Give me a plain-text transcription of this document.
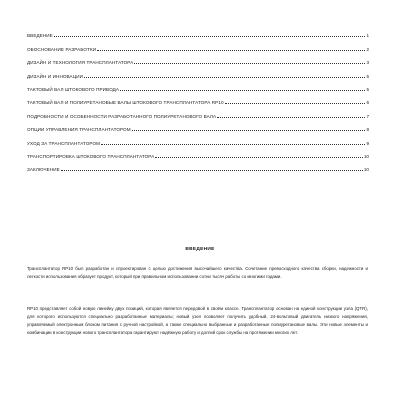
ВВЕДЕНИЕ	1
ОБОСНОВАНИЕ РАЗРАБОТКИ	2
ДИЗАЙН И ТЕХНОЛОГИЯ ТРАНСПЛАНТАТОРА	3
ДИЗАЙН И ИННОВАЦИИ	5
ТАКТОВЫЙ ВАЛ ШТОКОВОГО ПРИВОДА	5
ТАКТОВЫЙ ВАЛ И ПОЛИУРЕТАНОВЫЕ ВАЛЫ ШТОКОВОГО ТРАНСПЛАНТАТОРА RP10	6
ПОДРОБНОСТИ И ОСОБЕННОСТИ РАЗРАБОТАННОГО ПОЛИУРЕТАНОВОГО ВАЛА	7
ОПЦИИ УПРАВЛЕНИЯ ТРАНСПЛАНТАТОРОМ	8
УХОД ЗА ТРАНСПЛАНТАТОРОМ	9
ТРАНСПОРТИРОВКА ШТОКОВОГО ТРАНСПЛАНТАТОРА	10
ЗАКЛЮЧЕНИЕ	10
ВВЕДЕНИЕ

Трансплантатор RP10 был разработан и спроектирован с целью достижения высочайшего качества. Сочетание превосходного качества сборки, надежности и легкости использования образует продукт, который при правильном использовании сотни тысяч работы со многими годами.

RP10 представляет собой новую линейку двух позиций, которая является передовой в своём классе. Трансплантатор основан на единой конструкции узла (QTR), для которого используются специально разработанные материалы; новый узел позволяет получить удобный, 24-вольтовый двигатель низкого напряжения, управляемый электронным блоком питания с ручной настройкой, а также специально выбранные и разработанные полиуретановые валы. Эти новые элементы и комбинации в конструкции нового трансплантатора гарантируют надёжную работу и долгий срок службы на протяжении многих лет.
